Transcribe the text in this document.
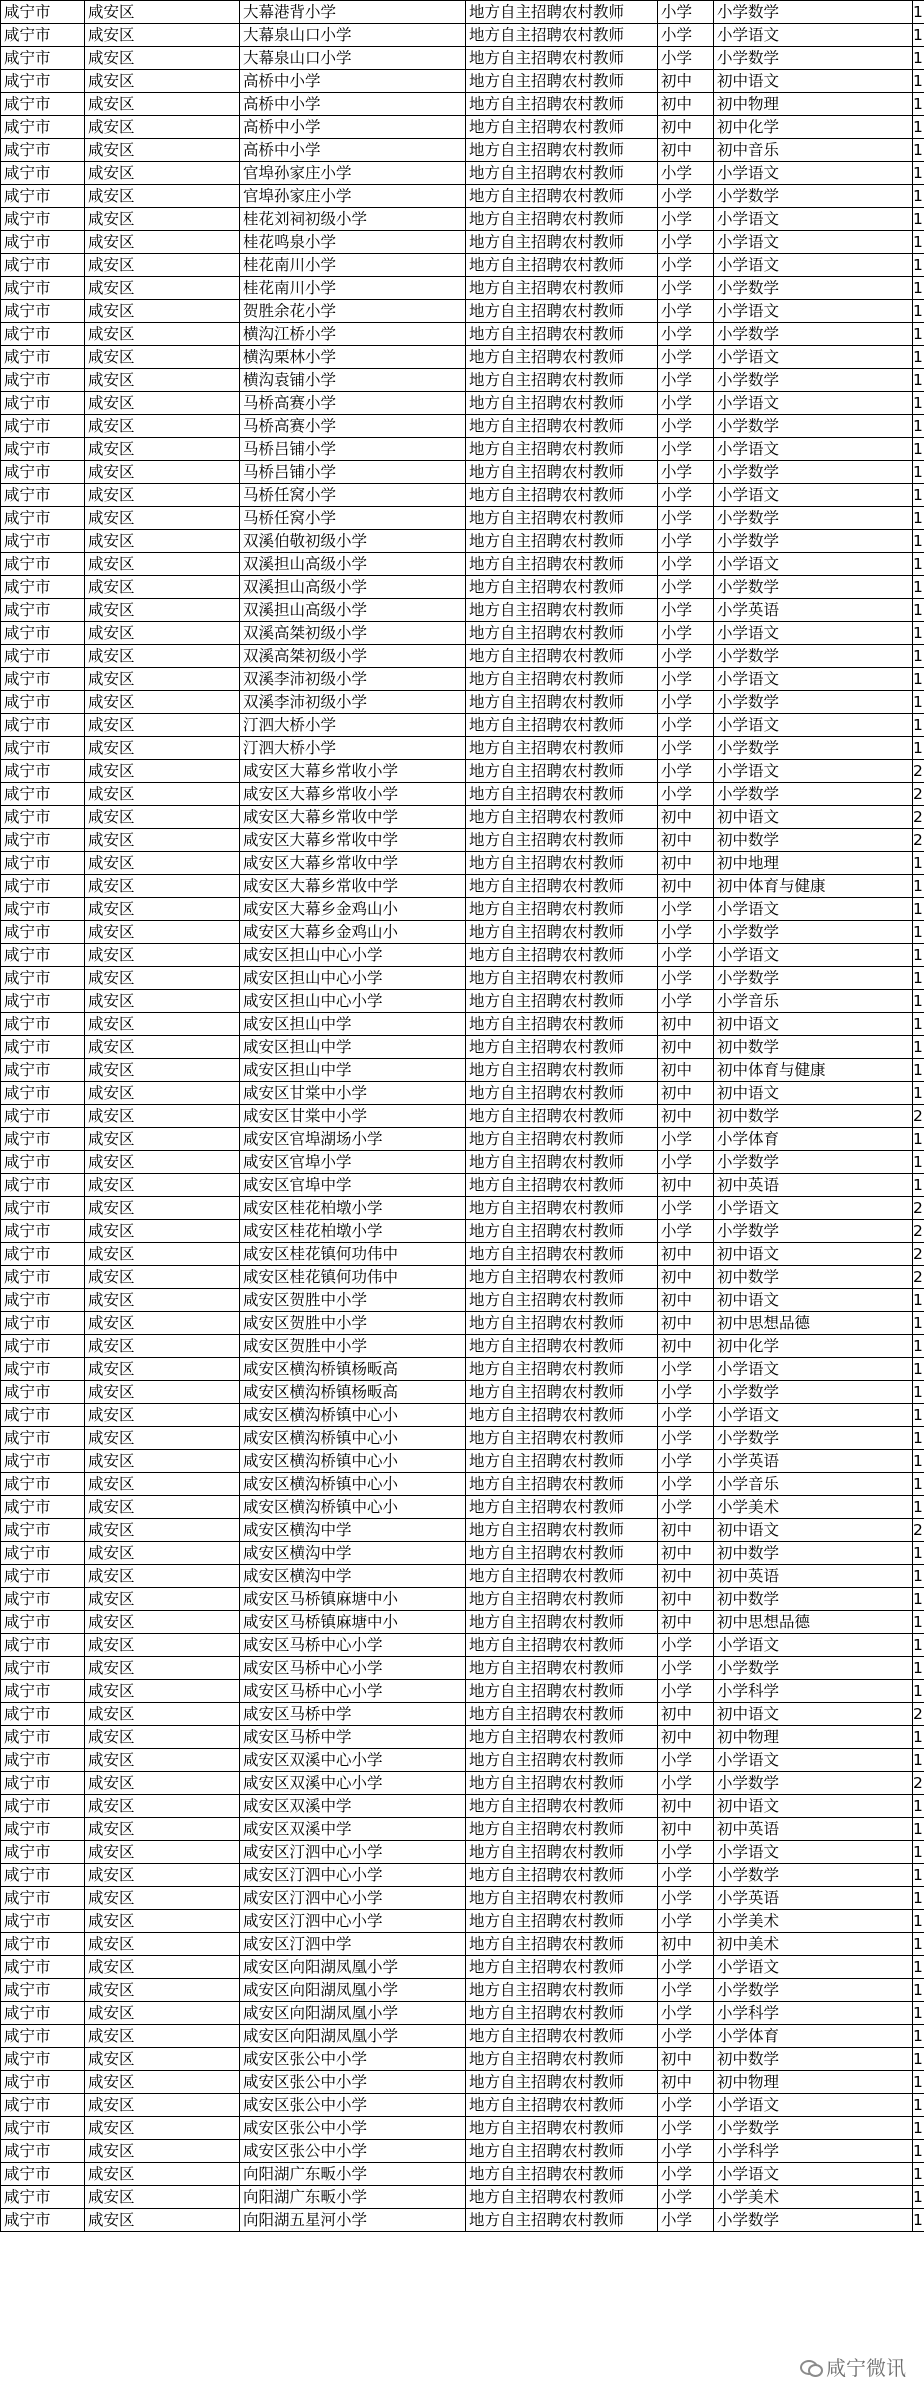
咸宁市	咸安区	大幕港背小学	地方自主招聘农村教师	小学	小学数学	1
咸宁市	咸安区	大幕泉山口小学	地方自主招聘农村教师	小学	小学语文	1
咸宁市	咸安区	大幕泉山口小学	地方自主招聘农村教师	小学	小学数学	1
咸宁市	咸安区	高桥中小学	地方自主招聘农村教师	初中	初中语文	1
咸宁市	咸安区	高桥中小学	地方自主招聘农村教师	初中	初中物理	1
咸宁市	咸安区	高桥中小学	地方自主招聘农村教师	初中	初中化学	1
咸宁市	咸安区	高桥中小学	地方自主招聘农村教师	初中	初中音乐	1
咸宁市	咸安区	官埠孙家庄小学	地方自主招聘农村教师	小学	小学语文	1
咸宁市	咸安区	官埠孙家庄小学	地方自主招聘农村教师	小学	小学数学	1
咸宁市	咸安区	桂花刘祠初级小学	地方自主招聘农村教师	小学	小学语文	1
咸宁市	咸安区	桂花鸣泉小学	地方自主招聘农村教师	小学	小学语文	1
咸宁市	咸安区	桂花南川小学	地方自主招聘农村教师	小学	小学语文	1
咸宁市	咸安区	桂花南川小学	地方自主招聘农村教师	小学	小学数学	1
咸宁市	咸安区	贺胜余花小学	地方自主招聘农村教师	小学	小学语文	1
咸宁市	咸安区	横沟江桥小学	地方自主招聘农村教师	小学	小学数学	1
咸宁市	咸安区	横沟栗林小学	地方自主招聘农村教师	小学	小学语文	1
咸宁市	咸安区	横沟袁铺小学	地方自主招聘农村教师	小学	小学数学	1
咸宁市	咸安区	马桥高赛小学	地方自主招聘农村教师	小学	小学语文	1
咸宁市	咸安区	马桥高赛小学	地方自主招聘农村教师	小学	小学数学	1
咸宁市	咸安区	马桥吕铺小学	地方自主招聘农村教师	小学	小学语文	1
咸宁市	咸安区	马桥吕铺小学	地方自主招聘农村教师	小学	小学数学	1
咸宁市	咸安区	马桥任窝小学	地方自主招聘农村教师	小学	小学语文	1
咸宁市	咸安区	马桥任窝小学	地方自主招聘农村教师	小学	小学数学	1
咸宁市	咸安区	双溪伯敬初级小学	地方自主招聘农村教师	小学	小学数学	1
咸宁市	咸安区	双溪担山高级小学	地方自主招聘农村教师	小学	小学语文	1
咸宁市	咸安区	双溪担山高级小学	地方自主招聘农村教师	小学	小学数学	1
咸宁市	咸安区	双溪担山高级小学	地方自主招聘农村教师	小学	小学英语	1
咸宁市	咸安区	双溪高桀初级小学	地方自主招聘农村教师	小学	小学语文	1
咸宁市	咸安区	双溪高桀初级小学	地方自主招聘农村教师	小学	小学数学	1
咸宁市	咸安区	双溪李沛初级小学	地方自主招聘农村教师	小学	小学语文	1
咸宁市	咸安区	双溪李沛初级小学	地方自主招聘农村教师	小学	小学数学	1
咸宁市	咸安区	汀泗大桥小学	地方自主招聘农村教师	小学	小学语文	1
咸宁市	咸安区	汀泗大桥小学	地方自主招聘农村教师	小学	小学数学	1
咸宁市	咸安区	咸安区大幕乡常收小学	地方自主招聘农村教师	小学	小学语文	2
咸宁市	咸安区	咸安区大幕乡常收小学	地方自主招聘农村教师	小学	小学数学	2
咸宁市	咸安区	咸安区大幕乡常收中学	地方自主招聘农村教师	初中	初中语文	2
咸宁市	咸安区	咸安区大幕乡常收中学	地方自主招聘农村教师	初中	初中数学	2
咸宁市	咸安区	咸安区大幕乡常收中学	地方自主招聘农村教师	初中	初中地理	1
咸宁市	咸安区	咸安区大幕乡常收中学	地方自主招聘农村教师	初中	初中体育与健康	1
咸宁市	咸安区	咸安区大幕乡金鸡山小	地方自主招聘农村教师	小学	小学语文	1
咸宁市	咸安区	咸安区大幕乡金鸡山小	地方自主招聘农村教师	小学	小学数学	1
咸宁市	咸安区	咸安区担山中心小学	地方自主招聘农村教师	小学	小学语文	1
咸宁市	咸安区	咸安区担山中心小学	地方自主招聘农村教师	小学	小学数学	1
咸宁市	咸安区	咸安区担山中心小学	地方自主招聘农村教师	小学	小学音乐	1
咸宁市	咸安区	咸安区担山中学	地方自主招聘农村教师	初中	初中语文	1
咸宁市	咸安区	咸安区担山中学	地方自主招聘农村教师	初中	初中数学	1
咸宁市	咸安区	咸安区担山中学	地方自主招聘农村教师	初中	初中体育与健康	1
咸宁市	咸安区	咸安区甘棠中小学	地方自主招聘农村教师	初中	初中语文	1
咸宁市	咸安区	咸安区甘棠中小学	地方自主招聘农村教师	初中	初中数学	2
咸宁市	咸安区	咸安区官埠湖场小学	地方自主招聘农村教师	小学	小学体育	1
咸宁市	咸安区	咸安区官埠小学	地方自主招聘农村教师	小学	小学数学	1
咸宁市	咸安区	咸安区官埠中学	地方自主招聘农村教师	初中	初中英语	1
咸宁市	咸安区	咸安区桂花柏墩小学	地方自主招聘农村教师	小学	小学语文	2
咸宁市	咸安区	咸安区桂花柏墩小学	地方自主招聘农村教师	小学	小学数学	2
咸宁市	咸安区	咸安区桂花镇何功伟中	地方自主招聘农村教师	初中	初中语文	2
咸宁市	咸安区	咸安区桂花镇何功伟中	地方自主招聘农村教师	初中	初中数学	2
咸宁市	咸安区	咸安区贺胜中小学	地方自主招聘农村教师	初中	初中语文	1
咸宁市	咸安区	咸安区贺胜中小学	地方自主招聘农村教师	初中	初中思想品德	1
咸宁市	咸安区	咸安区贺胜中小学	地方自主招聘农村教师	初中	初中化学	1
咸宁市	咸安区	咸安区横沟桥镇杨畈高	地方自主招聘农村教师	小学	小学语文	1
咸宁市	咸安区	咸安区横沟桥镇杨畈高	地方自主招聘农村教师	小学	小学数学	1
咸宁市	咸安区	咸安区横沟桥镇中心小	地方自主招聘农村教师	小学	小学语文	1
咸宁市	咸安区	咸安区横沟桥镇中心小	地方自主招聘农村教师	小学	小学数学	1
咸宁市	咸安区	咸安区横沟桥镇中心小	地方自主招聘农村教师	小学	小学英语	1
咸宁市	咸安区	咸安区横沟桥镇中心小	地方自主招聘农村教师	小学	小学音乐	1
咸宁市	咸安区	咸安区横沟桥镇中心小	地方自主招聘农村教师	小学	小学美术	1
咸宁市	咸安区	咸安区横沟中学	地方自主招聘农村教师	初中	初中语文	2
咸宁市	咸安区	咸安区横沟中学	地方自主招聘农村教师	初中	初中数学	1
咸宁市	咸安区	咸安区横沟中学	地方自主招聘农村教师	初中	初中英语	1
咸宁市	咸安区	咸安区马桥镇麻塘中小	地方自主招聘农村教师	初中	初中数学	1
咸宁市	咸安区	咸安区马桥镇麻塘中小	地方自主招聘农村教师	初中	初中思想品德	1
咸宁市	咸安区	咸安区马桥中心小学	地方自主招聘农村教师	小学	小学语文	1
咸宁市	咸安区	咸安区马桥中心小学	地方自主招聘农村教师	小学	小学数学	1
咸宁市	咸安区	咸安区马桥中心小学	地方自主招聘农村教师	小学	小学科学	1
咸宁市	咸安区	咸安区马桥中学	地方自主招聘农村教师	初中	初中语文	2
咸宁市	咸安区	咸安区马桥中学	地方自主招聘农村教师	初中	初中物理	1
咸宁市	咸安区	咸安区双溪中心小学	地方自主招聘农村教师	小学	小学语文	1
咸宁市	咸安区	咸安区双溪中心小学	地方自主招聘农村教师	小学	小学数学	2
咸宁市	咸安区	咸安区双溪中学	地方自主招聘农村教师	初中	初中语文	1
咸宁市	咸安区	咸安区双溪中学	地方自主招聘农村教师	初中	初中英语	1
咸宁市	咸安区	咸安区汀泗中心小学	地方自主招聘农村教师	小学	小学语文	1
咸宁市	咸安区	咸安区汀泗中心小学	地方自主招聘农村教师	小学	小学数学	1
咸宁市	咸安区	咸安区汀泗中心小学	地方自主招聘农村教师	小学	小学英语	1
咸宁市	咸安区	咸安区汀泗中心小学	地方自主招聘农村教师	小学	小学美术	1
咸宁市	咸安区	咸安区汀泗中学	地方自主招聘农村教师	初中	初中美术	1
咸宁市	咸安区	咸安区向阳湖凤凰小学	地方自主招聘农村教师	小学	小学语文	1
咸宁市	咸安区	咸安区向阳湖凤凰小学	地方自主招聘农村教师	小学	小学数学	1
咸宁市	咸安区	咸安区向阳湖凤凰小学	地方自主招聘农村教师	小学	小学科学	1
咸宁市	咸安区	咸安区向阳湖凤凰小学	地方自主招聘农村教师	小学	小学体育	1
咸宁市	咸安区	咸安区张公中小学	地方自主招聘农村教师	初中	初中数学	1
咸宁市	咸安区	咸安区张公中小学	地方自主招聘农村教师	初中	初中物理	1
咸宁市	咸安区	咸安区张公中小学	地方自主招聘农村教师	小学	小学语文	1
咸宁市	咸安区	咸安区张公中小学	地方自主招聘农村教师	小学	小学数学	1
咸宁市	咸安区	咸安区张公中小学	地方自主招聘农村教师	小学	小学科学	1
咸宁市	咸安区	向阳湖广东畈小学	地方自主招聘农村教师	小学	小学语文	1
咸宁市	咸安区	向阳湖广东畈小学	地方自主招聘农村教师	小学	小学美术	1
咸宁市	咸安区	向阳湖五星河小学	地方自主招聘农村教师	小学	小学数学	1
咸宁微讯
